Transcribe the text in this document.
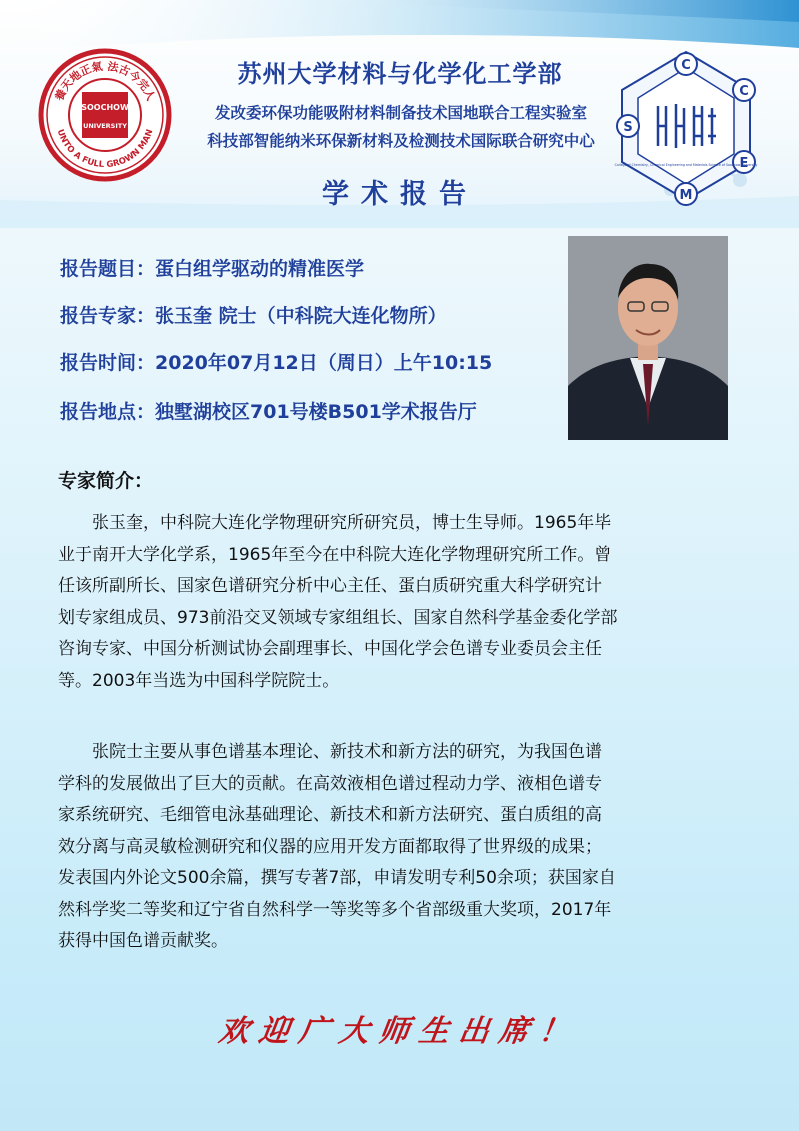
養天地正氣 法古今完人
UNTO A FULL GROWN MAN
SOOCHOW
UNIVERSITY
苏州大学材料与化学化工学部
发改委环保功能吸附材料制备技术国地联合工程实验室
科技部智能纳米环保新材料及检测技术国际联合研究中心
学术报告
C
C
E
M
S
College of Chemistry, Chemical Engineering and Materials Science of Soochow University
报告题目：蛋白组学驱动的精准医学
报告专家：张玉奎 院士（中科院大连化物所）
报告时间：2020年07月12日（周日）上午10:15
报告地点：独墅湖校区701号楼B501学术报告厅
专家简介：
　　张玉奎，中科院大连化学物理研究所研究员，博士生导师。1965年毕
业于南开大学化学系，1965年至今在中科院大连化学物理研究所工作。曾
任该所副所长、国家色谱研究分析中心主任、蛋白质研究重大科学研究计
划专家组成员、973前沿交叉领域专家组组长、国家自然科学基金委化学部
咨询专家、中国分析测试协会副理事长、中国化学会色谱专业委员会主任
等。2003年当选为中国科学院院士。
　　张院士主要从事色谱基本理论、新技术和新方法的研究，为我国色谱
学科的发展做出了巨大的贡献。在高效液相色谱过程动力学、液相色谱专
家系统研究、毛细管电泳基础理论、新技术和新方法研究、蛋白质组的高
效分离与高灵敏检测研究和仪器的应用开发方面都取得了世界级的成果；
发表国内外论文500余篇，撰写专著7部，申请发明专利50余项；获国家自
然科学奖二等奖和辽宁省自然科学一等奖等多个省部级重大奖项，2017年
获得中国色谱贡献奖。
欢迎广大师生出席！
